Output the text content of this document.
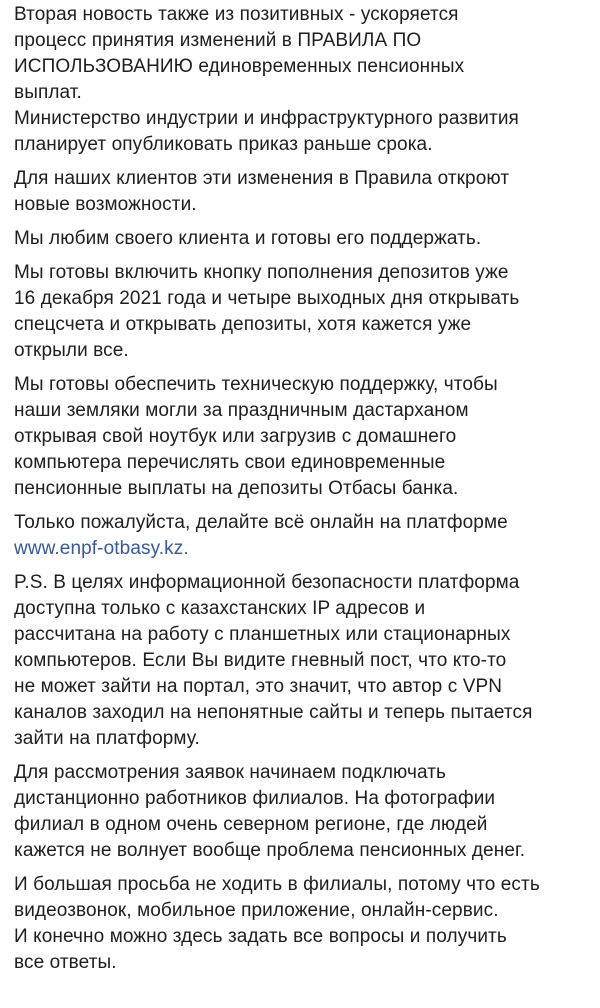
Вторая новость также из позитивных - ускоряется
процесс принятия изменений в ПРАВИЛА ПО
ИСПОЛЬЗОВАНИЮ единовременных пенсионных
выплат.
Министерство индустрии и инфраструктурного развития
планирует опубликовать приказ раньше срока.

Для наших клиентов эти изменения в Правила откроют
новые возможности.

Мы любим своего клиента и готовы его поддержать.

Мы готовы включить кнопку пополнения депозитов уже
16 декабря 2021 года и четыре выходных дня открывать
спецсчета и открывать депозиты, хотя кажется уже
открыли все.

Мы готовы обеспечить техническую поддержку, чтобы
наши земляки могли за праздничным дастарханом
открывая свой ноутбук или загрузив с домашнего
компьютера перечислять свои единовременные
пенсионные выплаты на депозиты Отбасы банка.

Только пожалуйста, делайте всё онлайн на платформе
www.enpf-otbasy.kz.

P.S. В целях информационной безопасности платформа
доступна только с казахстанских IP адресов и
рассчитана на работу с планшетных или стационарных
компьютеров. Если Вы видите гневный пост, что кто-то
не может зайти на портал, это значит, что автор с VPN
каналов заходил на непонятные сайты и теперь пытается
зайти на платформу.

Для рассмотрения заявок начинаем подключать
дистанционно работников филиалов. На фотографии
филиал в одном очень северном регионе, где людей
кажется не волнует вообще проблема пенсионных денег.

И большая просьба не ходить в филиалы, потому что есть
видеозвонок, мобильное приложение, онлайн-сервис.
И конечно можно здесь задать все вопросы и получить
все ответы.
